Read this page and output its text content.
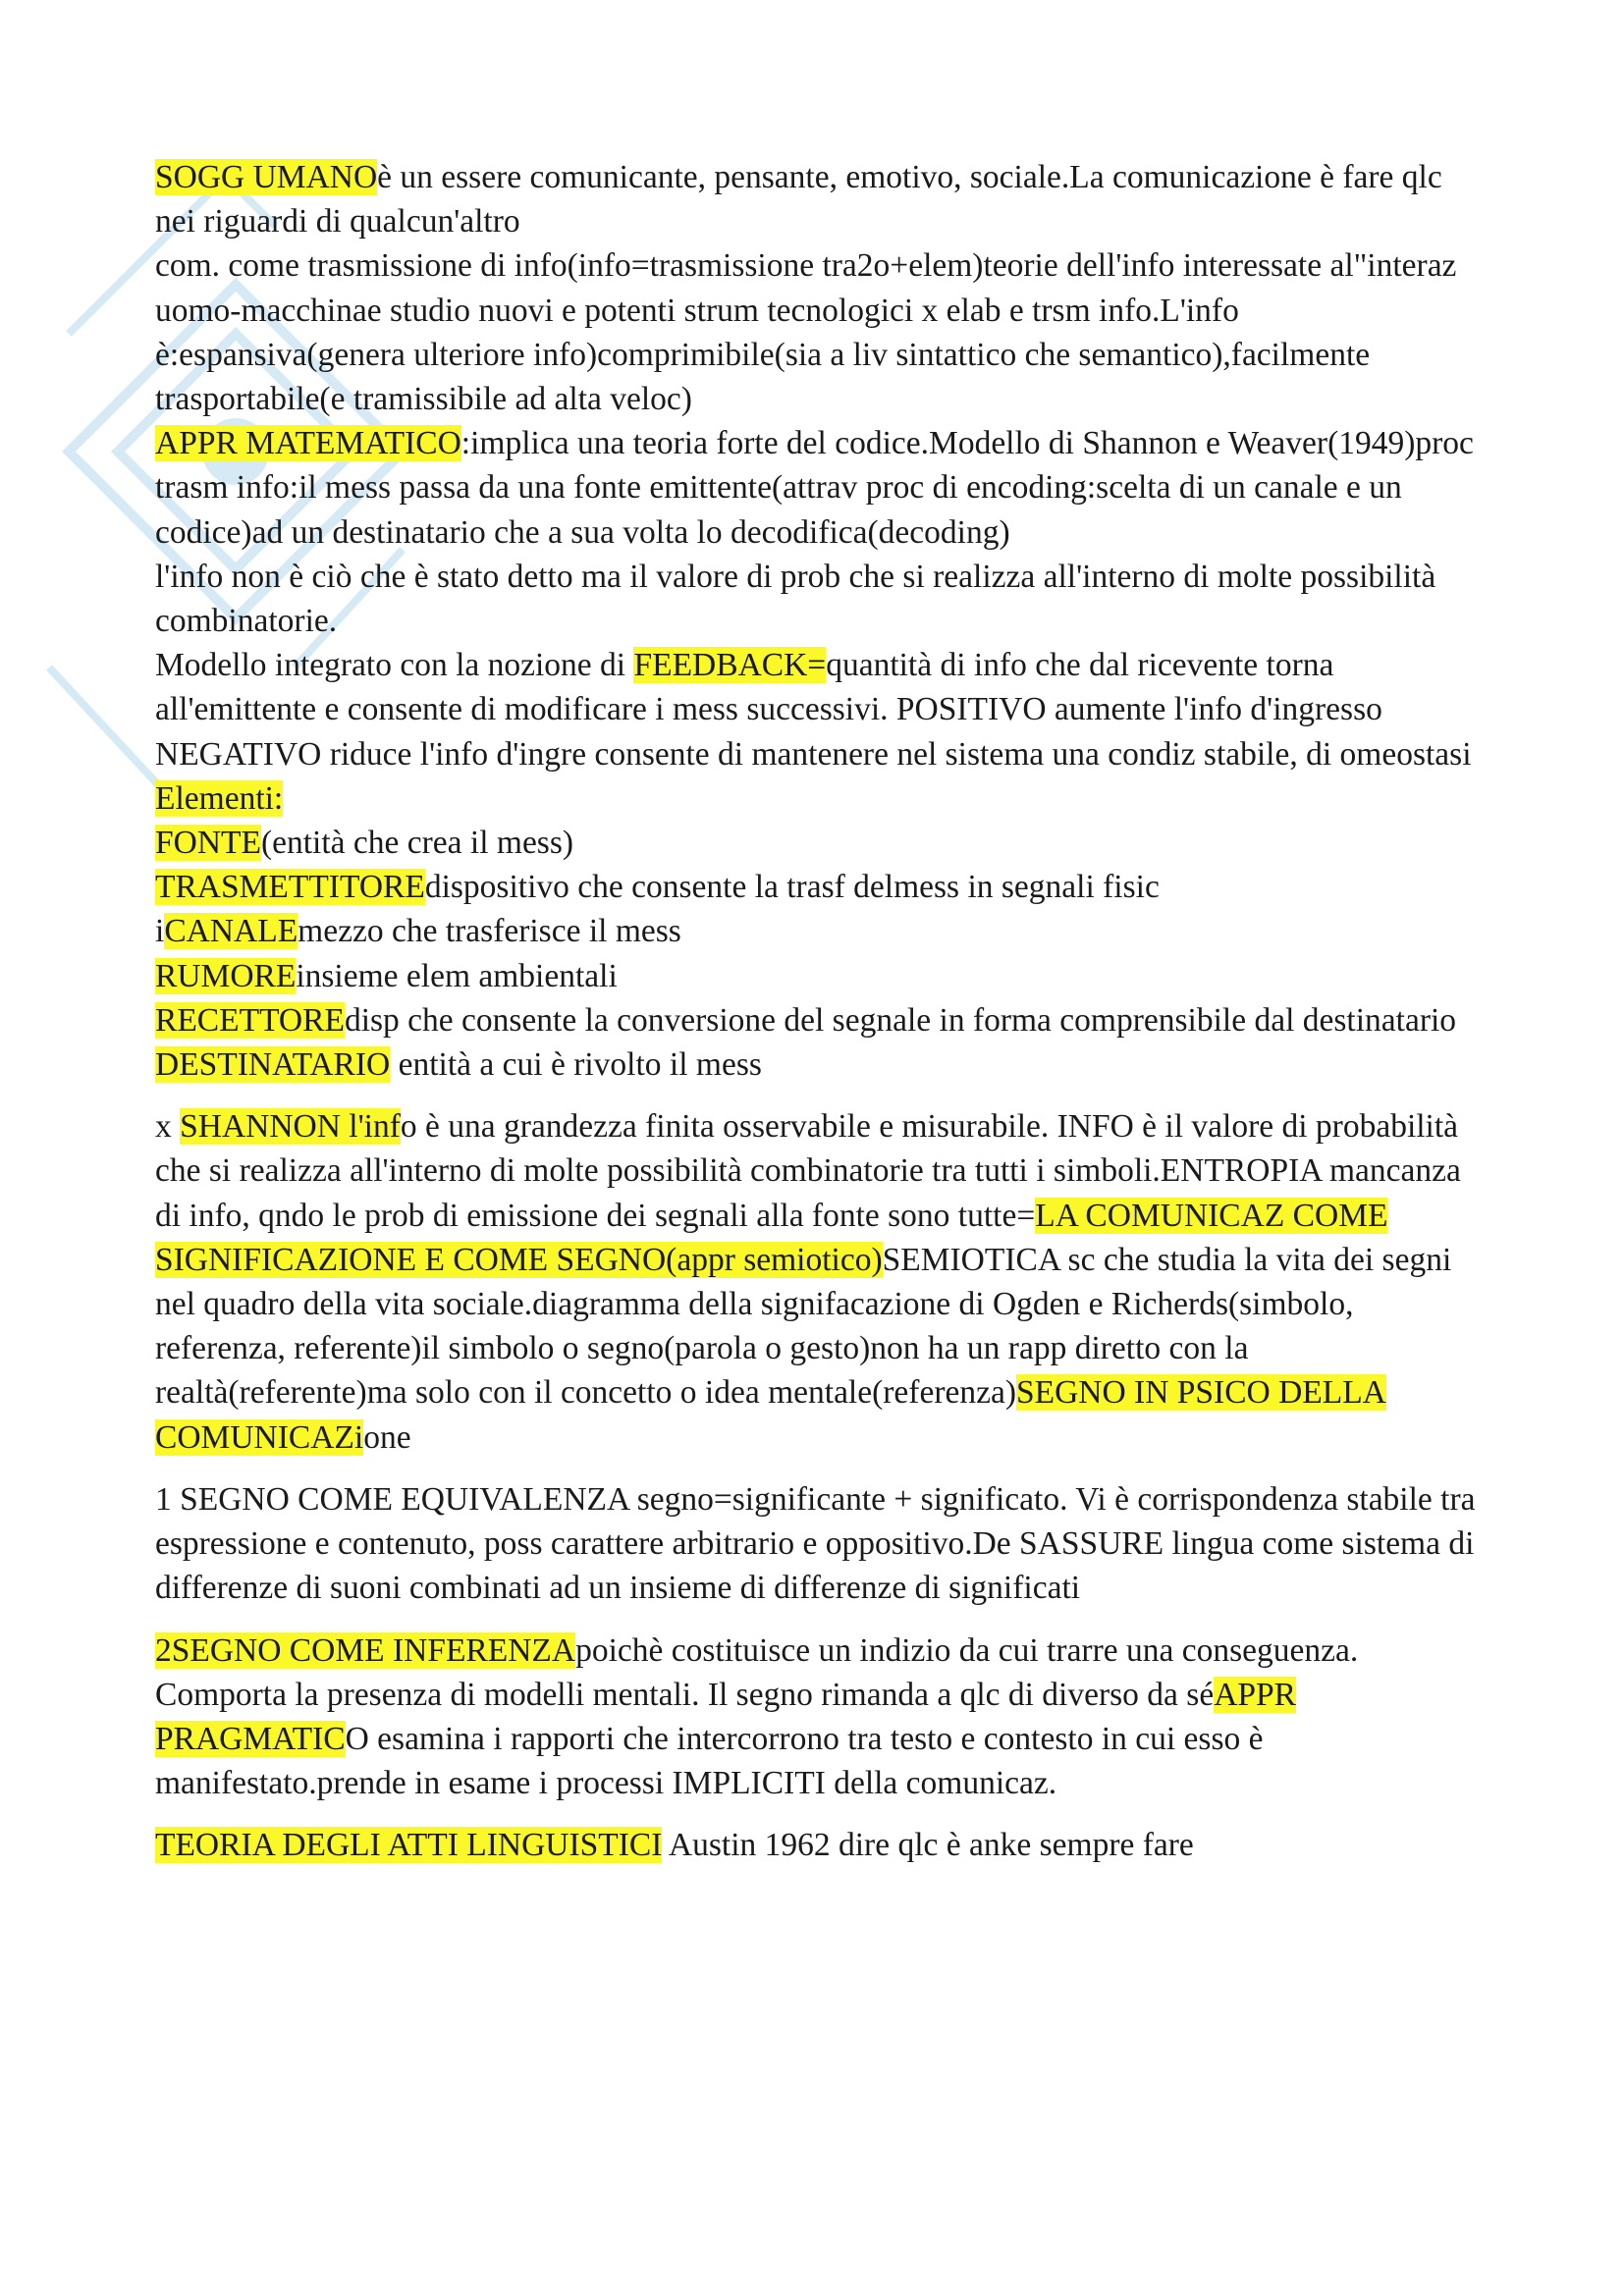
SOGG UMANOè un essere comunicante, pensante, emotivo, sociale.La comunicazione è fare qlc nei riguardi di qualcun'altro

com. come trasmissione di info(info=trasmissione tra2o+elem)teorie dell'info interessate al"interaz uomo-macchinae studio nuovi e potenti strum tecnologici x elab e trsm info.L'info è:espansiva(genera ulteriore info)comprimibile(sia a liv sintattico che semantico),facilmente trasportabile(e tramissibile ad alta veloc)

APPR MATEMATICO:implica una teoria forte del codice.Modello di Shannon e Weaver(1949)proc trasm info:il mess passa da una fonte emittente(attrav proc di encoding:scelta di un canale e un codice)ad un destinatario che a sua volta lo decodifica(decoding)

l'info non è ciò che è stato detto ma il valore di prob che si realizza all'interno di molte possibilità combinatorie.

Modello integrato con la nozione di FEEDBACK=quantità di info che dal ricevente torna all'emittente e consente di modificare i mess successivi. POSITIVO aumente l'info d'ingresso NEGATIVO riduce l'info d'ingre consente di mantenere nel sistema una condiz stabile, di omeostasi

Elementi:

FONTE(entità che crea il mess)

TRASMETTITOREdispositivo che consente la trasf delmess in segnali fisic

iCANALEmezzo che trasferisce il mess

RUMOREinsieme elem ambientali

RECETTOREdisp che consente la conversione del segnale in forma comprensibile dal destinatario

DESTINATARIO entità a cui è rivolto il mess

x SHANNON l'info è una grandezza finita osservabile e misurabile. INFO è il valore di probabilità che si realizza all'interno di molte possibilità combinatorie tra tutti i simboli.ENTROPIA mancanza di info, qndo le prob di emissione dei segnali alla fonte sono tutte=LA COMUNICAZ COME SIGNIFICAZIONE E COME SEGNO(appr semiotico)SEMIOTICA sc che studia la vita dei segni nel quadro della vita sociale.diagramma della signifacazione di Ogden e Richerds(simbolo, referenza, referente)il simbolo o segno(parola o gesto)non ha un rapp diretto con la realtà(referente)ma solo con il concetto o idea mentale(referenza)SEGNO IN PSICO DELLA COMUNICAZione

1 SEGNO COME EQUIVALENZA segno=significante + significato. Vi è corrispondenza stabile tra espressione e contenuto, poss carattere arbitrario e oppositivo.De SASSURE lingua come sistema di differenze di suoni combinati ad un insieme di differenze di significati

2SEGNO COME INFERENZApoichè costituisce un indizio da cui trarre una conseguenza. Comporta la presenza di modelli mentali. Il segno rimanda a qlc di diverso da séAPPR PRAGMATICO esamina i rapporti che intercorrono tra testo e contesto in cui esso è manifestato.prende in esame i processi IMPLICITI della comunicaz.

TEORIA DEGLI ATTI LINGUISTICI Austin 1962 dire qlc è anke sempre fare
